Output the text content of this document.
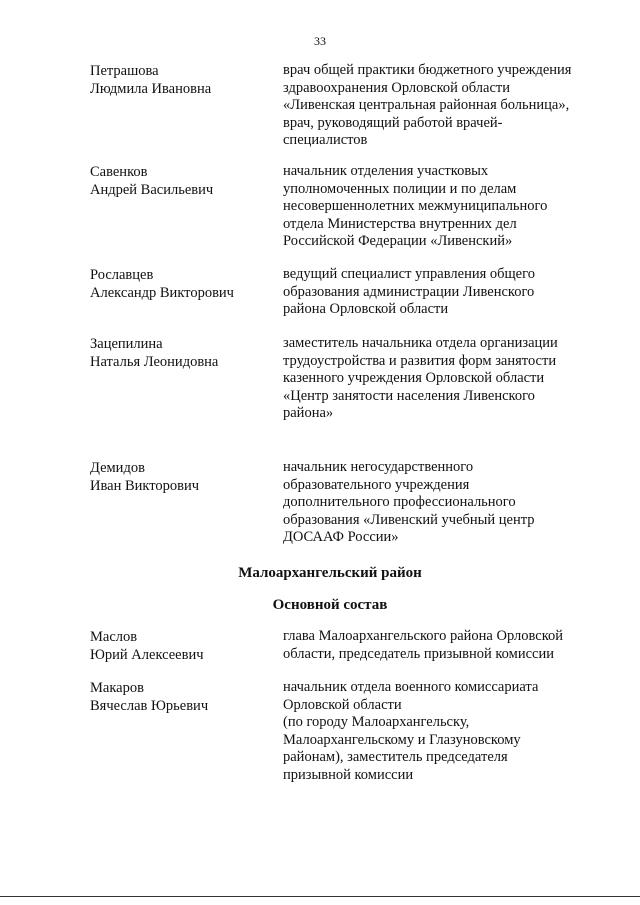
33
Петрашова
Людмила Ивановна
врач общей практики бюджетного учреждения
здравоохранения Орловской области
«Ливенская центральная районная больница»,
врач, руководящий работой врачей-
специалистов
Савенков
Андрей Васильевич
начальник отделения участковых
уполномоченных полиции и по делам
несовершеннолетних межмуниципального
отдела Министерства внутренних дел
Российской Федерации «Ливенский»
Рославцев
Александр Викторович
ведущий специалист управления общего
образования администрации Ливенского
района Орловской области
Зацепилина
Наталья Леонидовна
заместитель начальника отдела организации
трудоустройства и развития форм занятости
казенного учреждения Орловской области
«Центр занятости населения Ливенского
района»
Демидов
Иван Викторович
начальник негосударственного
образовательного учреждения
дополнительного профессионального
образования «Ливенский учебный центр
ДОСААФ России»
Малоархангельский район
Основной состав
Маслов
Юрий Алексеевич
глава Малоархангельского района Орловской
области, председатель призывной комиссии
Макаров
Вячеслав Юрьевич
начальник отдела военного комиссариата
Орловской области
(по городу Малоархангельску,
Малоархангельскому и Глазуновскому
районам), заместитель председателя
призывной комиссии
